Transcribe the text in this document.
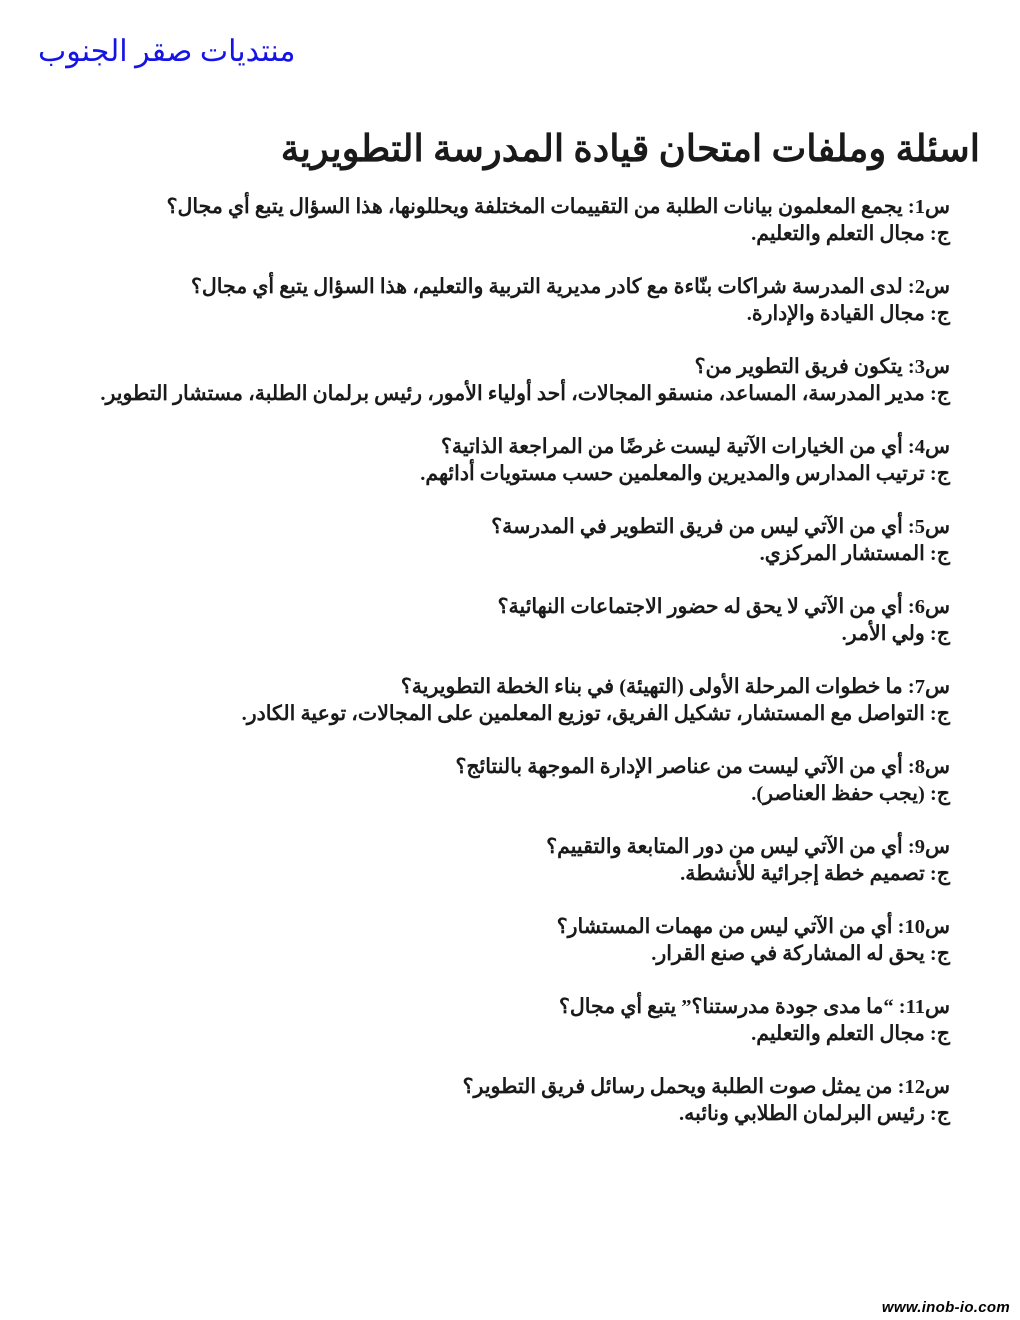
منتديات صقر الجنوب
اسئلة وملفات امتحان قيادة المدرسة التطويرية
س1: يجمع المعلمون بيانات الطلبة من التقييمات المختلفة ويحللونها، هذا السؤال يتبع أي مجال؟
ج: مجال التعلم والتعليم.
س2: لدى المدرسة شراكات بنّاءة مع كادر مديرية التربية والتعليم، هذا السؤال يتبع أي مجال؟
ج: مجال القيادة والإدارة.
س3: يتكون فريق التطوير من؟
ج: مدير المدرسة، المساعد، منسقو المجالات، أحد أولياء الأمور، رئيس برلمان الطلبة، مستشار التطوير.
س4: أي من الخيارات الآتية ليست غرضًا من المراجعة الذاتية؟
ج: ترتيب المدارس والمديرين والمعلمين حسب مستويات أدائهم.
س5: أي من الآتي ليس من فريق التطوير في المدرسة؟
ج: المستشار المركزي.
س6: أي من الآتي لا يحق له حضور الاجتماعات النهائية؟
ج: ولي الأمر.
س7: ما خطوات المرحلة الأولى (التهيئة) في بناء الخطة التطويرية؟
ج: التواصل مع المستشار، تشكيل الفريق، توزيع المعلمين على المجالات، توعية الكادر.
س8: أي من الآتي ليست من عناصر الإدارة الموجهة بالنتائج؟
ج: (يجب حفظ العناصر).
س9: أي من الآتي ليس من دور المتابعة والتقييم؟
ج: تصميم خطة إجرائية للأنشطة.
س10: أي من الآتي ليس من مهمات المستشار؟
ج: يحق له المشاركة في صنع القرار.
س11: “ما مدى جودة مدرستنا؟” يتبع أي مجال؟
ج: مجال التعلم والتعليم.
س12: من يمثل صوت الطلبة ويحمل رسائل فريق التطوير؟
ج: رئيس البرلمان الطلابي ونائبه.
www.inob-io.com
